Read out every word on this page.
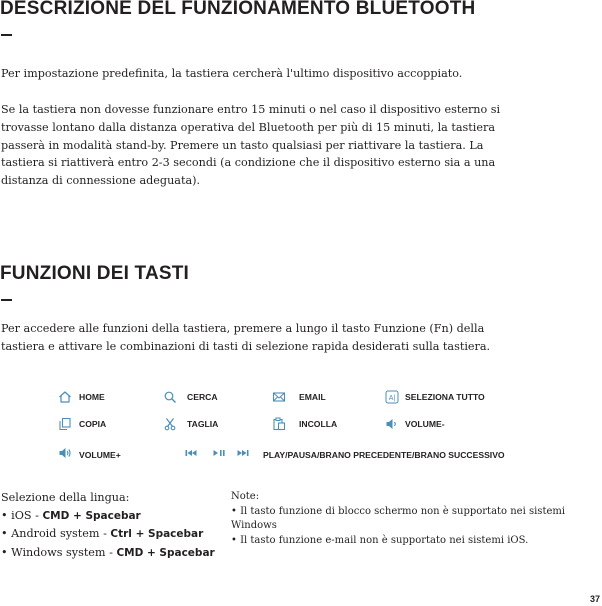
DESCRIZIONE DEL FUNZIONAMENTO BLUETOOTH

Per impostazione predefinita, la tastiera cercherà l'ultimo dispositivo accoppiato.

Se la tastiera non dovesse funzionare entro 15 minuti o nel caso il dispositivo esterno si
trovasse lontano dalla distanza operativa del Bluetooth per più di 15 minuti, la tastiera
passerà in modalità stand-by. Premere un tasto qualsiasi per riattivare la tastiera. La
tastiera si riattiverà entro 2-3 secondi (a condizione che il dispositivo esterno sia a una
distanza di connessione adeguata).
FUNZIONI DEI TASTI
Per accedere alle funzioni della tastiera, premere a lungo il tasto Funzione (Fn) della
tastiera e attivare le combinazioni di tasti di selezione rapida desiderati sulla tastiera.
HOME	CERCA	EMAIL	A| SELEZIONA TUTTO
COPIA	TAGLIA	INCOLLA	VOLUME-
VOLUME+	PLAY/PAUSA/BRANO PRECEDENTE/BRANO SUCCESSIVO
Selezione della lingua:
• iOS - CMD + Spacebar
• Android system - Ctrl + Spacebar
• Windows system - CMD + Spacebar
Note:
• Il tasto funzione di blocco schermo non è supportato nei sistemi
Windows
• Il tasto funzione e-mail non è supportato nei sistemi iOS.
37
